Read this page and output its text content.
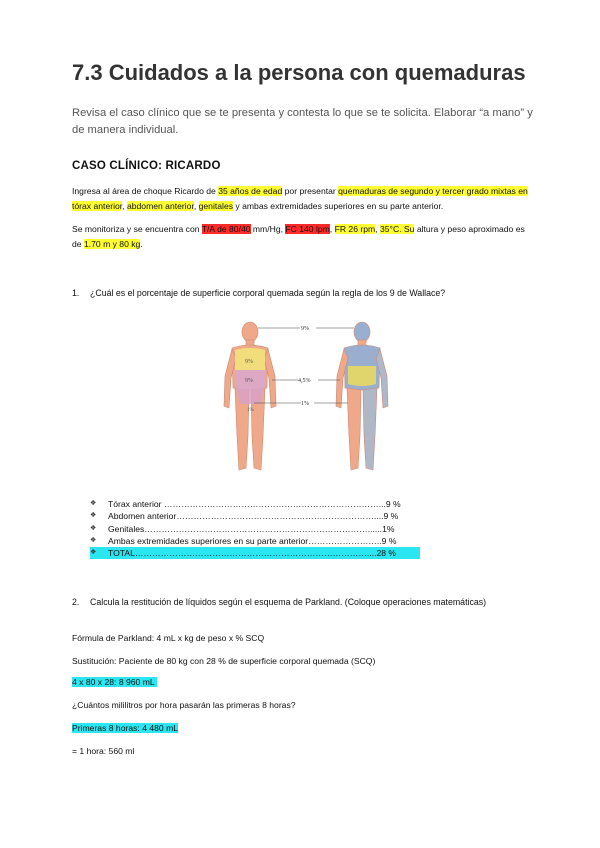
7.3 Cuidados a la persona con quemaduras
Revisa el caso clínico que se te presenta y contesta lo que se te solicita. Elaborar “a mano” y de manera individual.
CASO CLÍNICO: RICARDO
Ingresa al área de choque Ricardo de 35 años de edad por presentar quemaduras de segundo y tercer grado mixtas en tórax anterior, abdomen anterior, genitales y ambas extremidades superiores en su parte anterior.
Se monitoriza y se encuentra con T/A de 80/40 mm/Hg, FC 140 lpm, FR 26 rpm, 35°C. Su altura y peso aproximado es de 1.70 m y 80 kg.
1. ¿Cuál es el porcentaje de superficie corporal quemada según la regla de los 9 de Wallace?
9%
9%
1%
9%
4,5%
1%
❖	Tórax anterior …………………………………………………………………...9 %
❖	Abdomen anterior……………………………………………………………....9 %
❖	Genitales……………………………………………………………………......1%
❖	Ambas extremidades superiores en su parte anterior……………………..9 %
❖	TOTAL………………………………………………………………………....28 %
2. Calcula la restitución de líquidos según el esquema de Parkland. (Coloque operaciones matemáticas)
Fórmula de Parkland: 4 mL x kg de peso x % SCQ
Sustitución: Paciente de 80 kg con 28 % de superficie corporal quemada (SCQ)
4 x 80 x 28: 8 960 mL
¿Cuántos mililitros por hora pasarán las primeras 8 horas?
Primeras 8 horas: 4 480 mL
= 1 hora: 560 ml
